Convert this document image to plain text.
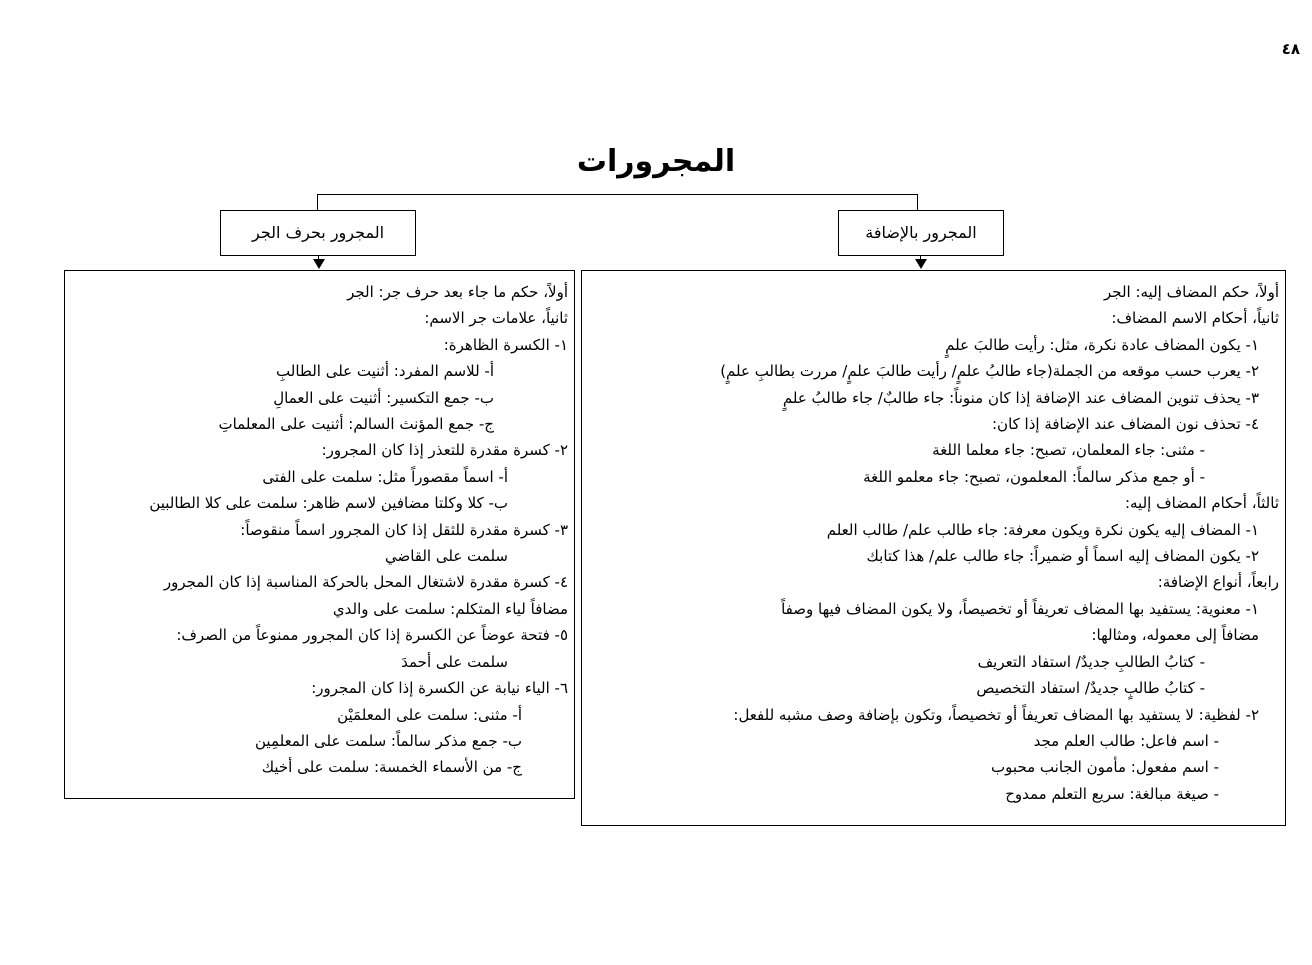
٤٨
المجرورات
المجرور بالإضافة
المجرور بحرف الجر
أولاً، حكم المضاف إليه: الجر
ثانياً، أحكام الاسم المضاف:
١- يكون المضاف عادة نكرة، مثل: رأيت طالبَ علمٍ
٢- يعرب حسب موقعه من الجملة(جاء طالبُ علمٍ/ رأيت طالبَ علمٍ/ مررت بطالبِ علمٍ)
٣- يحذف تنوين المضاف عند الإضافة إذا كان منوناً: جاء طالبٌ/ جاء طالبُ علمٍ
٤- تحذف نون المضاف عند الإضافة إذا كان:
- مثنى: جاء المعلمان، تصبح: جاء معلما اللغة
- أو جمع مذكر سالماً: المعلمون، تصبح: جاء معلمو اللغة
ثالثاً، أحكام المضاف إليه:
١- المضاف إليه يكون نكرة ويكون معرفة: جاء طالب علم/ طالب العلم
٢- يكون المضاف إليه اسماً أو ضميراً: جاء طالب علم/ هذا كتابك
رابعاً، أنواع الإضافة:
١- معنوية: يستفيد بها المضاف تعريفاً أو تخصيصاً، ولا يكون المضاف فيها وصفاً
مضافاً إلى معموله، ومثالها:
- كتابُ الطالبِ جديدٌ/ استفاد التعريف
- كتابُ طالبٍ جديدٌ/ استفاد التخصيص
٢- لفظية: لا يستفيد بها المضاف تعريفاً أو تخصيصاً، وتكون بإضافة وصف مشبه للفعل:
- اسم فاعل: طالب العلم مجد
- اسم مفعول: مأمون الجانب محبوب
- صيغة مبالغة: سريع التعلم ممدوح
أولاً، حكم ما جاء بعد حرف جر: الجر
ثانياً، علامات جر الاسم:
١- الكسرة الظاهرة:
أ- للاسم المفرد: أثنيت على الطالبِ
ب- جمع التكسير: أثنيت على العمالِ
ج- جمع المؤنث السالم: أثنيت على المعلماتِ
٢- كسرة مقدرة للتعذر إذا كان المجرور:
أ- اسماً مقصوراً مثل: سلمت على الفتى
ب- كلا وكلتا مضافين لاسم ظاهر: سلمت على كلا الطالبين
٣- كسرة مقدرة للثقل إذا كان المجرور اسماً منقوصاً:
سلمت على القاضي
٤- كسرة مقدرة لاشتغال المحل بالحركة المناسبة إذا كان المجرور
مضافاً لياء المتكلم: سلمت على والدي
٥- فتحة عوضاً عن الكسرة إذا كان المجرور ممنوعاً من الصرف:
سلمت على أحمدَ
٦- الياء نيابة عن الكسرة إذا كان المجرور:
أ- مثنى: سلمت على المعلمَيْن
ب- جمع مذكر سالماً: سلمت على المعلمِين
ج- من الأسماء الخمسة: سلمت على أخيك
